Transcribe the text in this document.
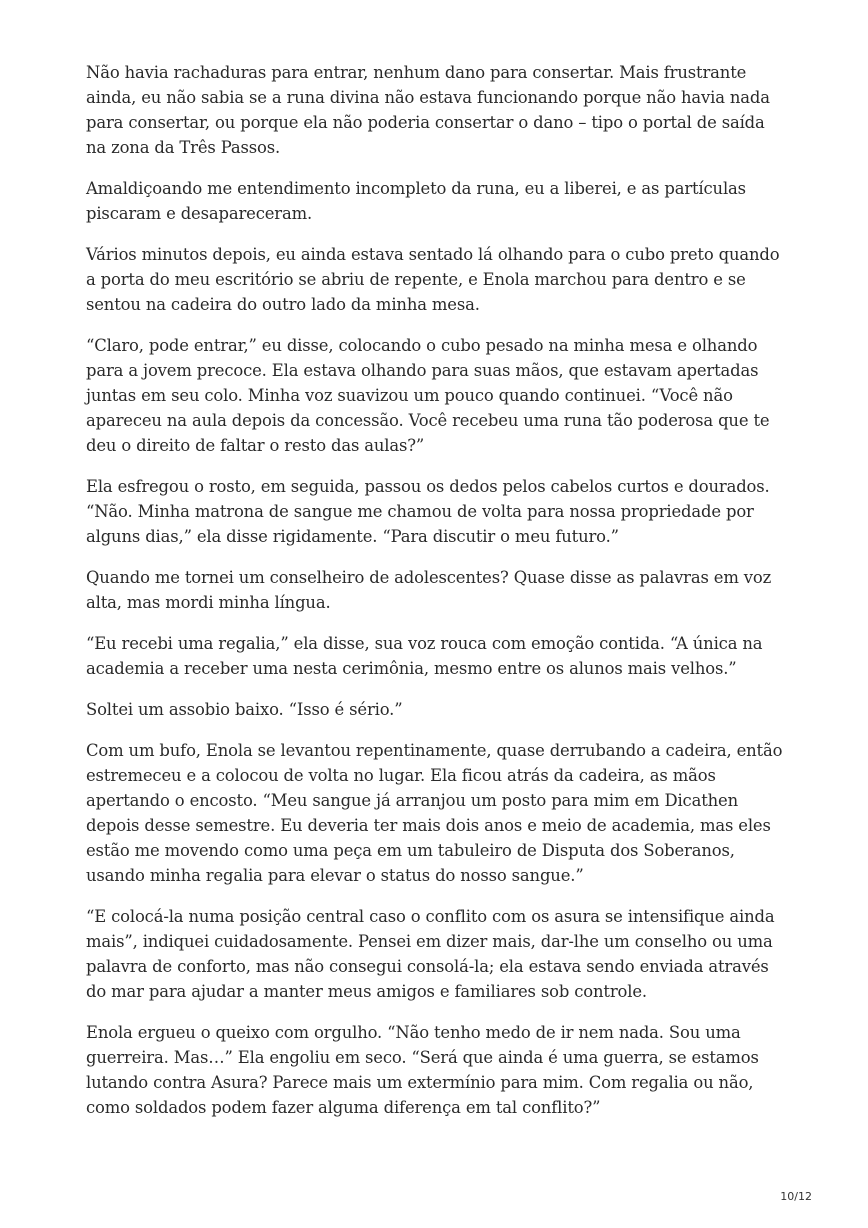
Não havia rachaduras para entrar, nenhum dano para consertar. Mais frustrante ainda, eu não sabia se a runa divina não estava funcionando porque não havia nada para consertar, ou porque ela não poderia consertar o dano – tipo o portal de saída na zona da Três Passos.

Amaldiçoando me entendimento incompleto da runa, eu a liberei, e as partículas piscaram e desapareceram.

Vários minutos depois, eu ainda estava sentado lá olhando para o cubo preto quando a porta do meu escritório se abriu de repente, e Enola marchou para dentro e se sentou na cadeira do outro lado da minha mesa.

“Claro, pode entrar,” eu disse, colocando o cubo pesado na minha mesa e olhando para a jovem precoce. Ela estava olhando para suas mãos, que estavam apertadas juntas em seu colo. Minha voz suavizou um pouco quando continuei. “Você não apareceu na aula depois da concessão. Você recebeu uma runa tão poderosa que te deu o direito de faltar o resto das aulas?”

Ela esfregou o rosto, em seguida, passou os dedos pelos cabelos curtos e dourados. “Não. Minha matrona de sangue me chamou de volta para nossa propriedade por alguns dias,” ela disse rigidamente. “Para discutir o meu futuro.”

Quando me tornei um conselheiro de adolescentes? Quase disse as palavras em voz alta, mas mordi minha língua.

“Eu recebi uma regalia,” ela disse, sua voz rouca com emoção contida. “A única na academia a receber uma nesta cerimônia, mesmo entre os alunos mais velhos.”

Soltei um assobio baixo. “Isso é sério.”

Com um bufo, Enola se levantou repentinamente, quase derrubando a cadeira, então estremeceu e a colocou de volta no lugar. Ela ficou atrás da cadeira, as mãos apertando o encosto. “Meu sangue já arranjou um posto para mim em Dicathen depois desse semestre. Eu deveria ter mais dois anos e meio de academia, mas eles estão me movendo como uma peça em um tabuleiro de Disputa dos Soberanos, usando minha regalia para elevar o status do nosso sangue.”

“E colocá-la numa posição central caso o conflito com os asura se intensifique ainda mais”, indiquei cuidadosamente. Pensei em dizer mais, dar-lhe um conselho ou uma palavra de conforto, mas não consegui consolá-la; ela estava sendo enviada através do mar para ajudar a manter meus amigos e familiares sob controle.

Enola ergueu o queixo com orgulho. “Não tenho medo de ir nem nada. Sou uma guerreira. Mas…” Ela engoliu em seco. “Será que ainda é uma guerra, se estamos lutando contra Asura? Parece mais um extermínio para mim. Com regalia ou não, como soldados podem fazer alguma diferença em tal conflito?”

10/12
